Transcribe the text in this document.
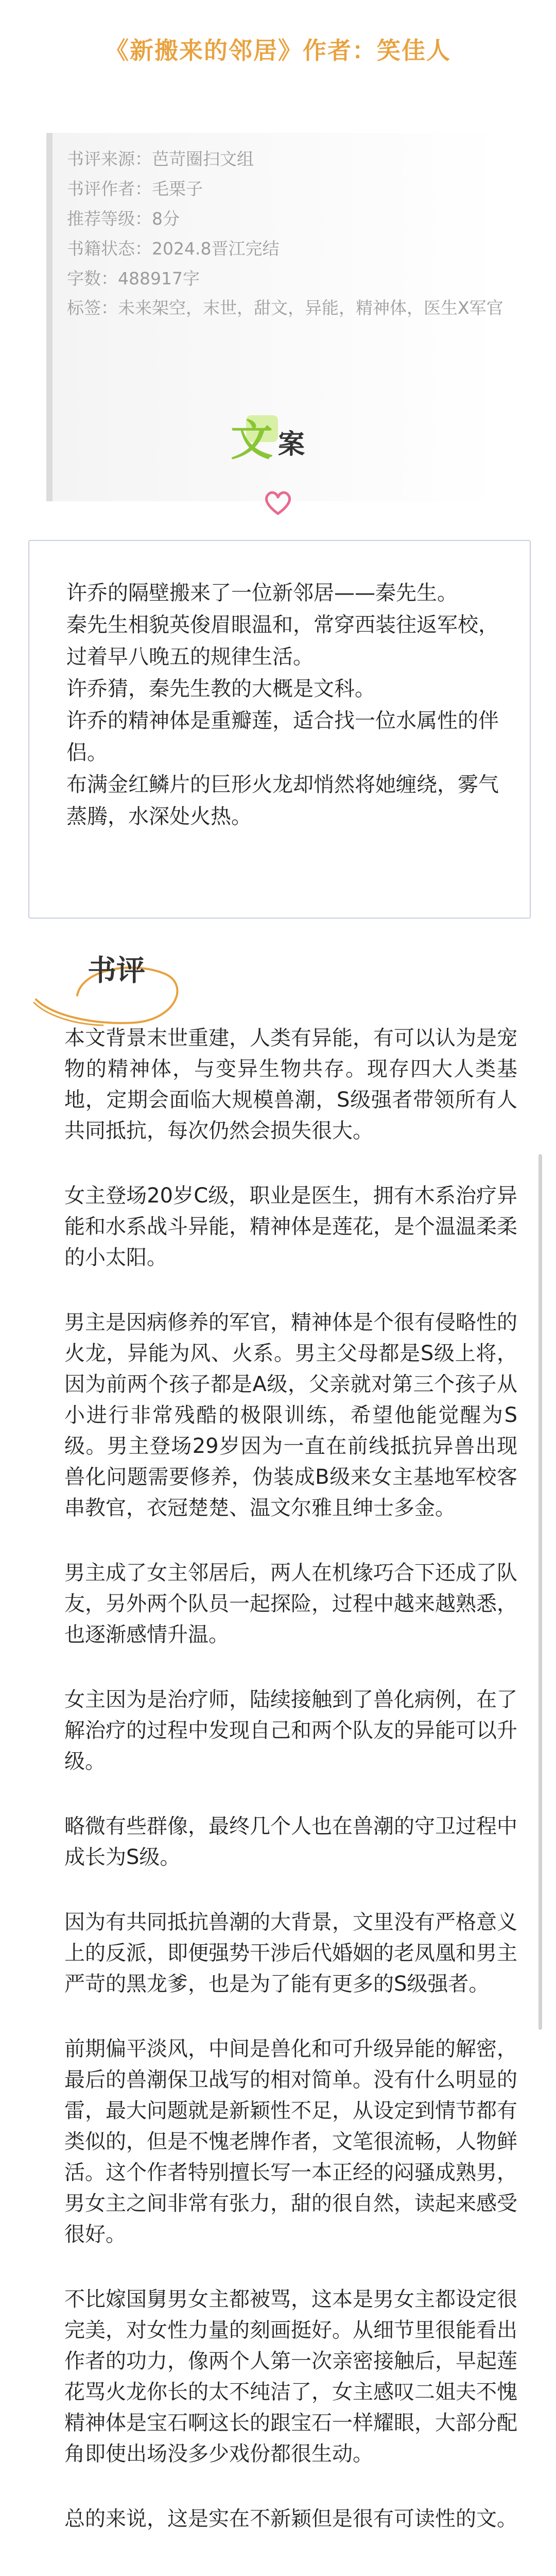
《新搬来的邻居》作者：笑佳人
书评来源：芭苛圈扫文组
书评作者：毛栗子
推荐等级：8分
书籍状态：2024.8晋江完结
字数：488917字
标签：未来架空，末世，甜文，异能，精神体，医生X军官
文 案

许乔的隔壁搬来了一位新邻居——秦先生。

秦先生相貌英俊眉眼温和，常穿西装往返军校，过着早八晚五的规律生活。

许乔猜，秦先生教的大概是文科。

许乔的精神体是重瓣莲，适合找一位水属性的伴侣。

布满金红鳞片的巨形火龙却悄然将她缠绕，雾气蒸腾，水深处火热。

书评

本文背景末世重建，人类有异能，有可以认为是宠物的精神体，与变异生物共存。现存四大人类基地，定期会面临大规模兽潮，S级强者带领所有人共同抵抗，每次仍然会损失很大。

女主登场20岁C级，职业是医生，拥有木系治疗异能和水系战斗异能，精神体是莲花，是个温温柔柔的小太阳。

男主是因病修养的军官，精神体是个很有侵略性的火龙，异能为风、火系。男主父母都是S级上将，因为前两个孩子都是A级，父亲就对第三个孩子从小进行非常残酷的极限训练，希望他能觉醒为S级。男主登场29岁因为一直在前线抵抗异兽出现兽化问题需要修养，伪装成B级来女主基地军校客串教官，衣冠楚楚、温文尔雅且绅士多金。

男主成了女主邻居后，两人在机缘巧合下还成了队友，另外两个队员一起探险，过程中越来越熟悉，也逐渐感情升温。

女主因为是治疗师，陆续接触到了兽化病例，在了解治疗的过程中发现自己和两个队友的异能可以升级。

略微有些群像，最终几个人也在兽潮的守卫过程中成长为S级。

因为有共同抵抗兽潮的大背景，文里没有严格意义上的反派，即便强势干涉后代婚姻的老凤凰和男主严苛的黑龙爹，也是为了能有更多的S级强者。

前期偏平淡风，中间是兽化和可升级异能的解密，最后的兽潮保卫战写的相对简单。没有什么明显的雷，最大问题就是新颖性不足，从设定到情节都有类似的，但是不愧老牌作者，文笔很流畅，人物鲜活。这个作者特别擅长写一本正经的闷骚成熟男，男女主之间非常有张力，甜的很自然，读起来感受很好。

不比嫁国舅男女主都被骂，这本是男女主都设定很完美，对女性力量的刻画挺好。从细节里很能看出作者的功力，像两个人第一次亲密接触后，早起莲花骂火龙你长的太不纯洁了，女主感叹二姐夫不愧精神体是宝石啊这长的跟宝石一样耀眼，大部分配角即使出场没多少戏份都很生动。

总的来说，这是实在不新颖但是很有可读性的文。
